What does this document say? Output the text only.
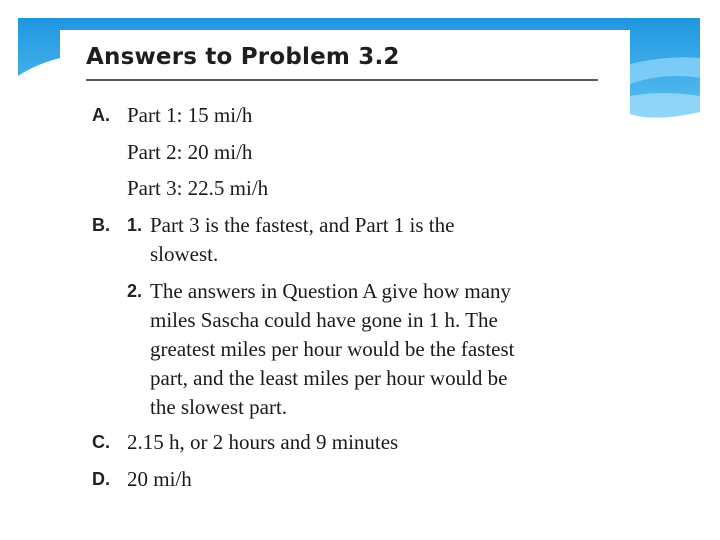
Answers to Problem 3.2
A. Part 1: 15 mi/h
Part 2: 20 mi/h
Part 3: 22.5 mi/h
B. 1. Part 3 is the fastest, and Part 1 is the
slowest.
2. The answers in Question A give how many
miles Sascha could have gone in 1 h. The
greatest miles per hour would be the fastest
part, and the least miles per hour would be
the slowest part.
C. 2.15 h, or 2 hours and 9 minutes
D. 20 mi/h
